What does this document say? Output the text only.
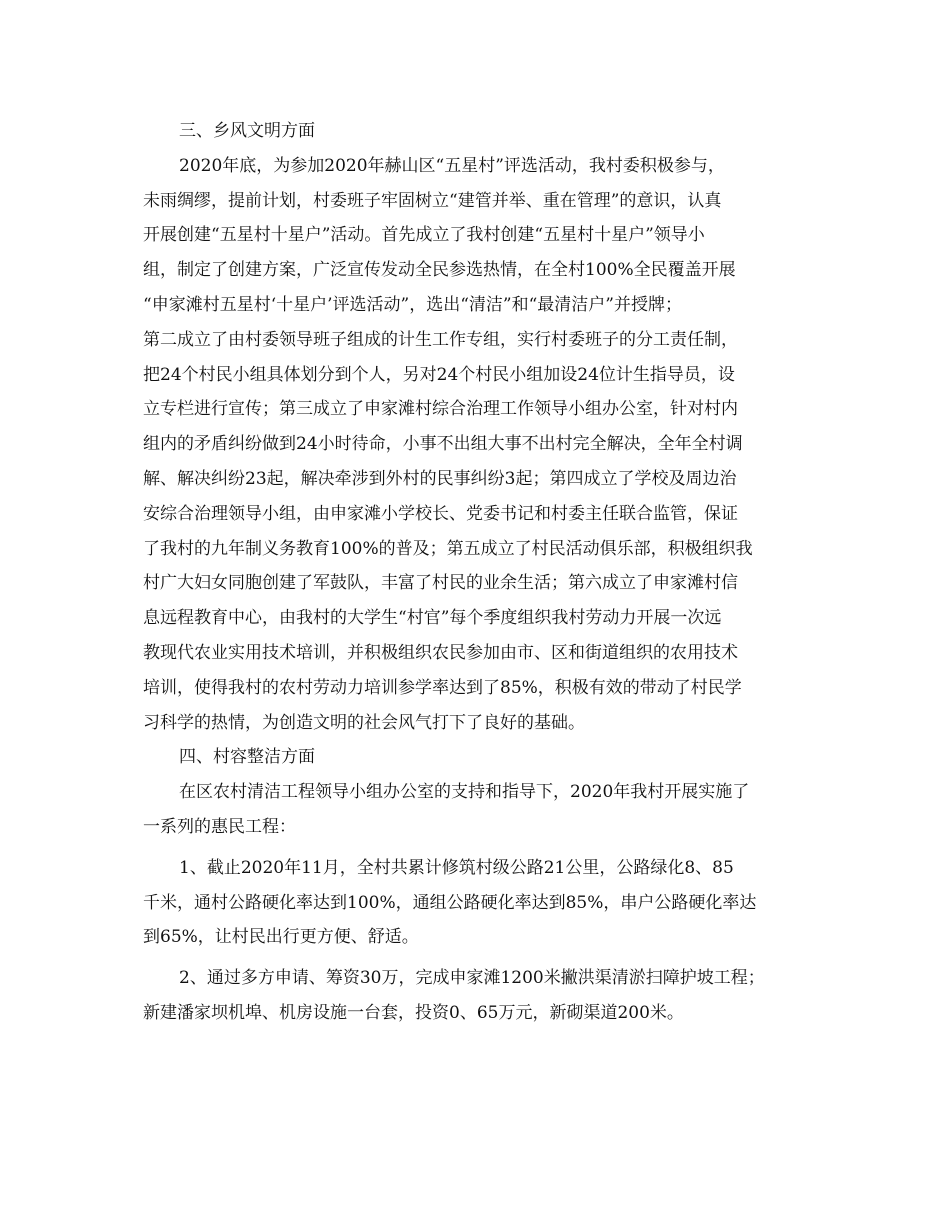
三、乡风文明方面
2020年底，为参加2020年赫山区“五星村”评选活动，我村委积极参与，
未雨绸缪，提前计划，村委班子牢固树立“建管并举、重在管理”的意识，认真
开展创建“五星村十星户”活动。首先成立了我村创建“五星村十星户”领导小
组，制定了创建方案，广泛宣传发动全民参选热情，在全村100%全民覆盖开展
“申家滩村五星村‘十星户’评选活动”，选出“清洁”和“最清洁户”并授牌；
第二成立了由村委领导班子组成的计生工作专组，实行村委班子的分工责任制，
把24个村民小组具体划分到个人，另对24个村民小组加设24位计生指导员，设
立专栏进行宣传；第三成立了申家滩村综合治理工作领导小组办公室，针对村内
组内的矛盾纠纷做到24小时待命，小事不出组大事不出村完全解决，全年全村调
解、解决纠纷23起，解决牵涉到外村的民事纠纷3起；第四成立了学校及周边治
安综合治理领导小组，由申家滩小学校长、党委书记和村委主任联合监管，保证
了我村的九年制义务教育100%的普及；第五成立了村民活动俱乐部，积极组织我
村广大妇女同胞创建了军鼓队，丰富了村民的业余生活；第六成立了申家滩村信
息远程教育中心，由我村的大学生“村官”每个季度组织我村劳动力开展一次远
教现代农业实用技术培训，并积极组织农民参加由市、区和街道组织的农用技术
培训，使得我村的农村劳动力培训参学率达到了85%，积极有效的带动了村民学
习科学的热情，为创造文明的社会风气打下了良好的基础。
四、村容整洁方面
在区农村清洁工程领导小组办公室的支持和指导下，2020年我村开展实施了
一系列的惠民工程：
1、截止2020年11月，全村共累计修筑村级公路21公里，公路绿化8、85
千米，通村公路硬化率达到100%，通组公路硬化率达到85%，串户公路硬化率达
到65%，让村民出行更方便、舒适。
2、通过多方申请、筹资30万，完成申家滩1200米撇洪渠清淤扫障护坡工程；
新建潘家坝机埠、机房设施一台套，投资0、65万元，新砌渠道200米。
